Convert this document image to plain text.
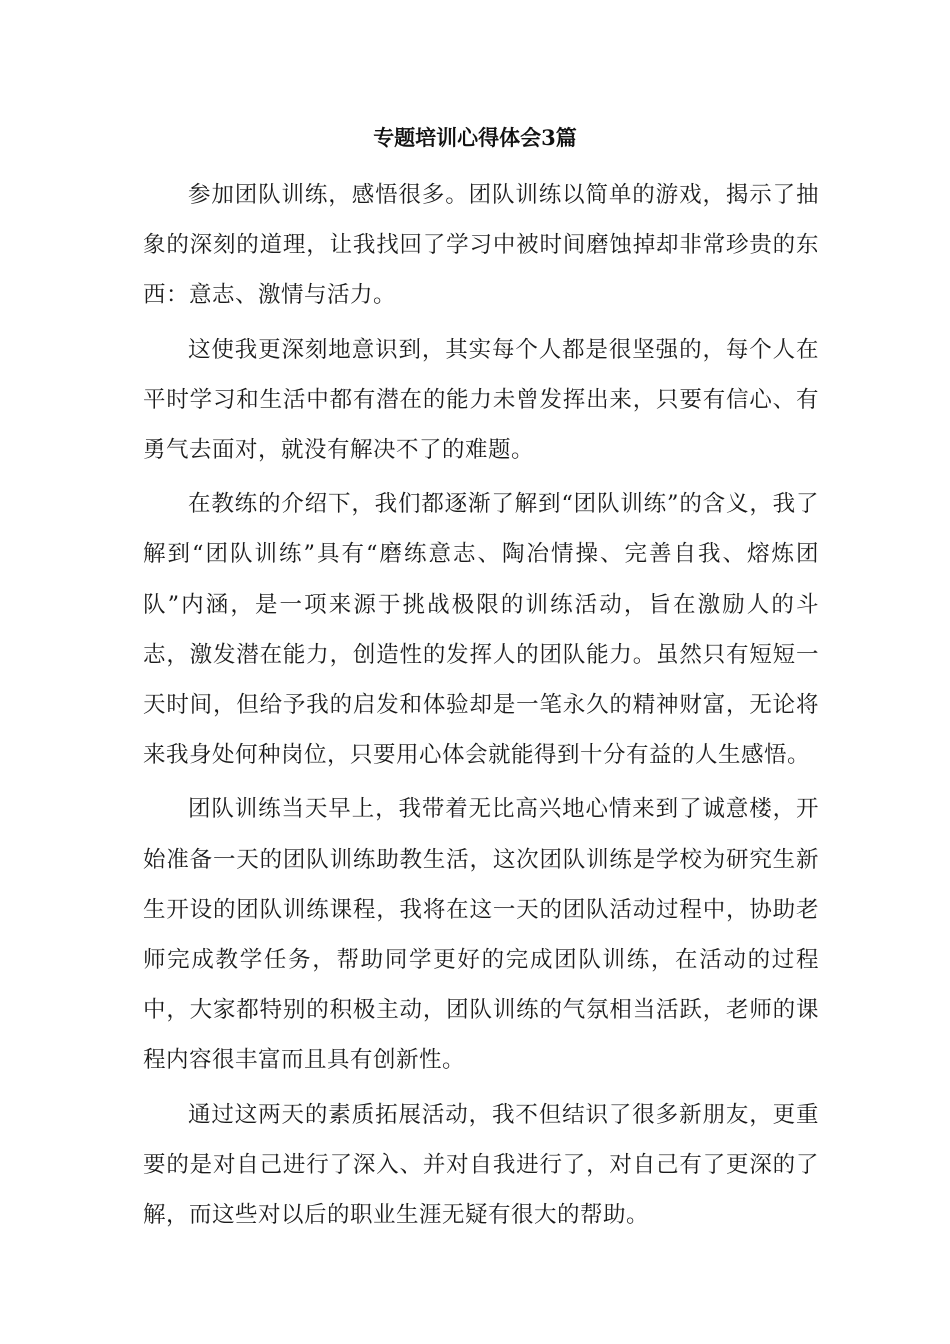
专题培训心得体会3篇

参加团队训练，感悟很多。团队训练以简单的游戏，揭示了抽象的深刻的道理，让我找回了学习中被时间磨蚀掉却非常珍贵的东西：意志、激情与活力。

这使我更深刻地意识到，其实每个人都是很坚强的，每个人在平时学习和生活中都有潜在的能力未曾发挥出来，只要有信心、有勇气去面对，就没有解决不了的难题。

在教练的介绍下，我们都逐渐了解到“团队训练”的含义，我了解到“团队训练”具有“磨练意志、陶冶情操、完善自我、熔炼团队”内涵，是一项来源于挑战极限的训练活动，旨在激励人的斗志，激发潜在能力，创造性的发挥人的团队能力。虽然只有短短一天时间，但给予我的启发和体验却是一笔永久的精神财富，无论将来我身处何种岗位，只要用心体会就能得到十分有益的人生感悟。

团队训练当天早上，我带着无比高兴地心情来到了诚意楼，开始准备一天的团队训练助教生活，这次团队训练是学校为研究生新生开设的团队训练课程，我将在这一天的团队活动过程中，协助老师完成教学任务，帮助同学更好的完成团队训练，在活动的过程中，大家都特别的积极主动，团队训练的气氛相当活跃，老师的课程内容很丰富而且具有创新性。

通过这两天的素质拓展活动，我不但结识了很多新朋友，更重要的是对自己进行了深入、并对自我进行了，对自己有了更深的了解，而这些对以后的职业生涯无疑有很大的帮助。
